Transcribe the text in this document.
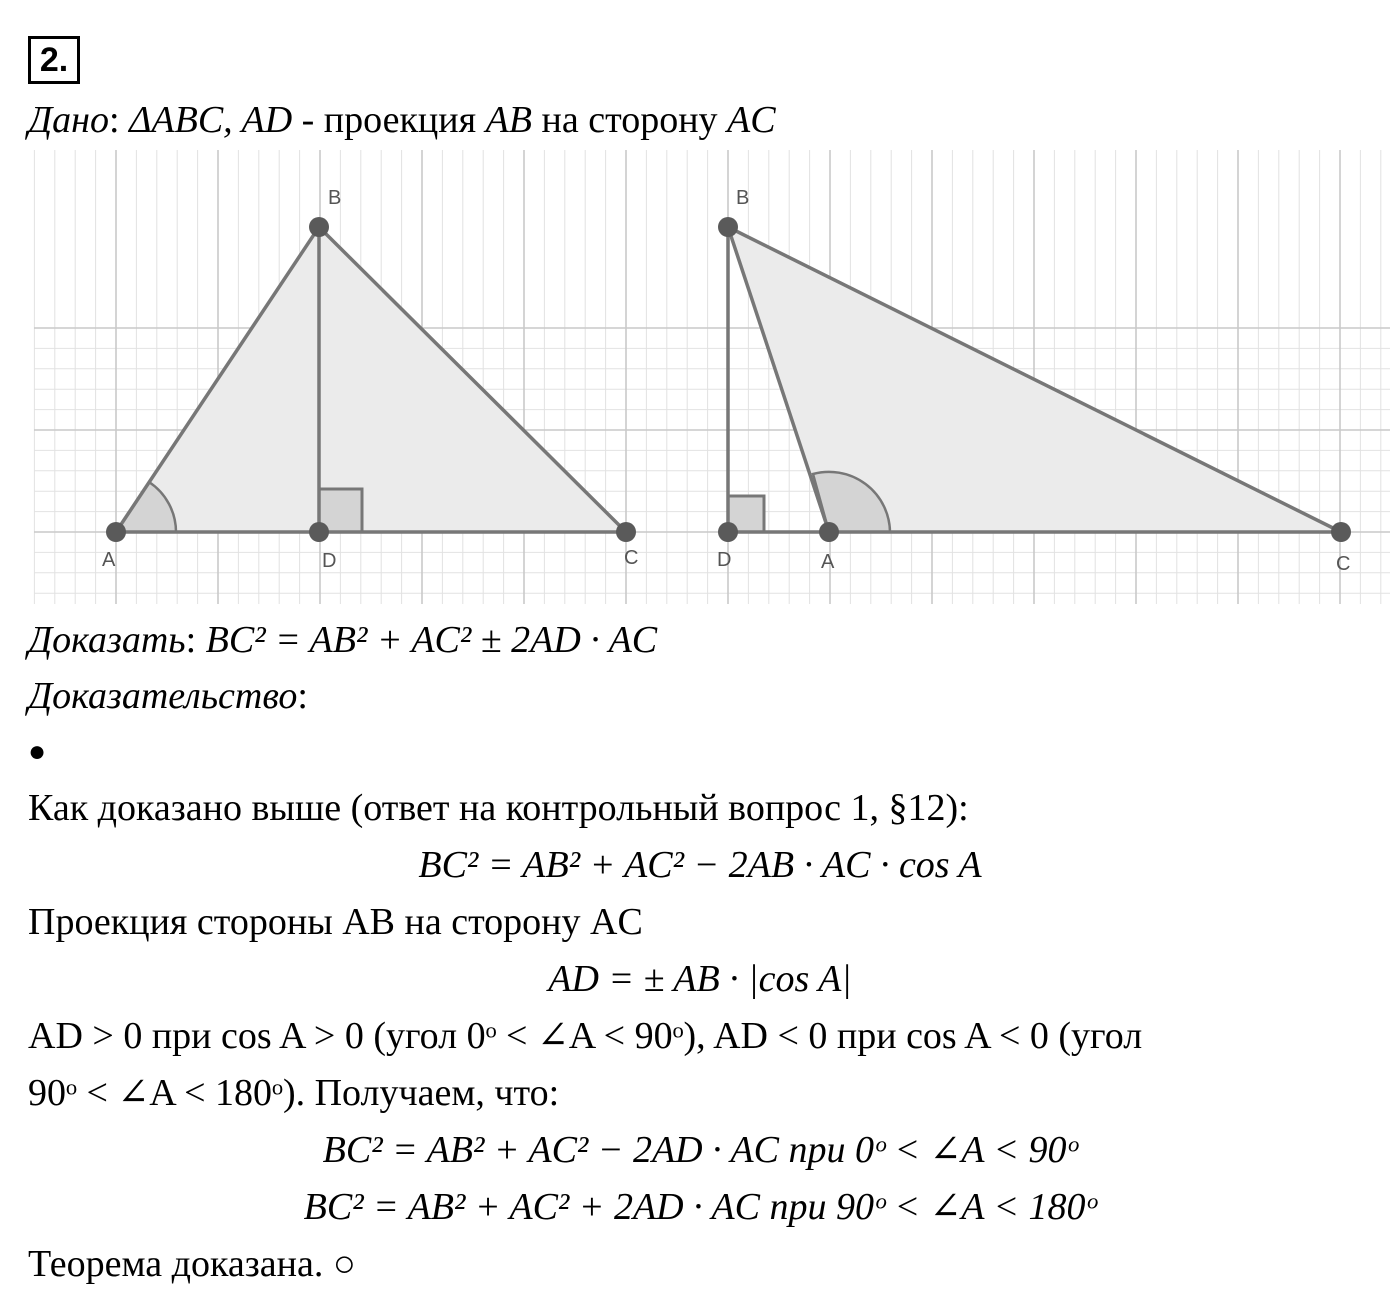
2.
Дано: ΔABC, AD - проекция AB на сторону AC
A
B
D	C	A
B
D	C
Доказать: BC² = AB² + AC² ± 2AD · AC
Доказательство:
●
Как доказано выше (ответ на контрольный вопрос 1, §12):
BC² = AB² + AC² − 2AB · AC · cos A
Проекция стороны AB на сторону AC
AD = ± AB · |cos A|
AD > 0 при cos A > 0 (угол 0ᵒ < ∠A < 90ᵒ), AD < 0 при cos A < 0 (угол
90ᵒ < ∠A < 180ᵒ). Получаем, что:
BC² = AB² + AC² − 2AD · AC при 0ᵒ < ∠A < 90ᵒ
BC² = AB² + AC² + 2AD · AC при 90ᵒ < ∠A < 180ᵒ
Теорема доказана. ○
